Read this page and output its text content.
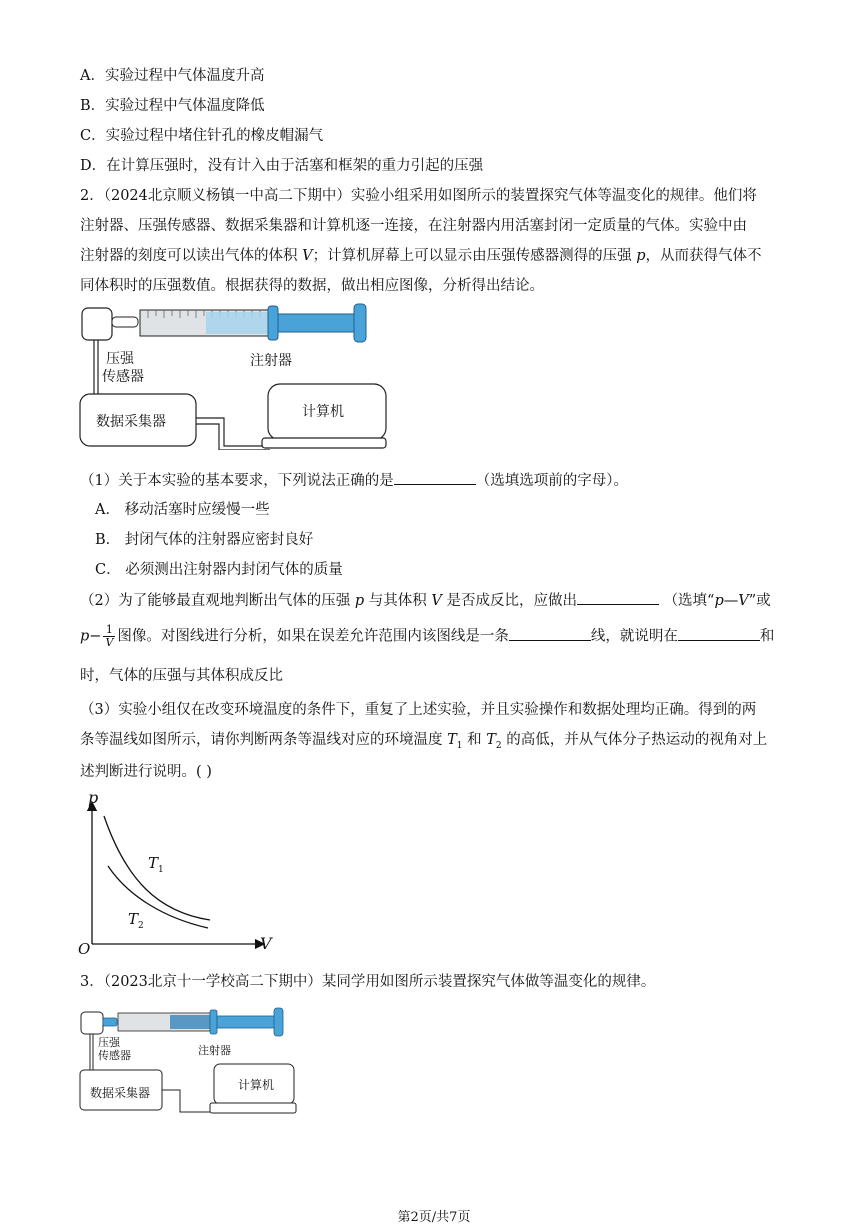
A．实验过程中气体温度升高
B．实验过程中气体温度降低
C．实验过程中堵住针孔的橡皮帽漏气
D．在计算压强时，没有计入由于活塞和框架的重力引起的压强
2．（2024北京顺义杨镇一中高二下期中）实验小组采用如图所示的装置探究气体等温变化的规律。他们将
注射器、压强传感器、数据采集器和计算机逐一连接，在注射器内用活塞封闭一定质量的气体。实验中由
注射器的刻度可以读出气体的体积 V；计算机屏幕上可以显示由压强传感器测得的压强 p，从而获得气体不
同体积时的压强数值。根据获得的数据，做出相应图像，分析得出结论。
压强
传感器
注射器
数据采集器
计算机
（1）关于本实验的基本要求，下列说法正确的是	（选填选项前的字母）。
A． 移动活塞时应缓慢一些
B． 封闭气体的注射器应密封良好
C． 必须测出注射器内封闭气体的质量
（2）为了能够最直观地判断出气体的压强 p 与其体积 V 是否成反比，应做出	（选填“p—V”或
$p- \frac{1}{V}$ 图像。对图线进行分析，如果在误差允许范围内该图线是一条	线，就说明在	和
时，气体的压强与其体积成反比
（3）实验小组仅在改变环境温度的条件下，重复了上述实验，并且实验操作和数据处理均正确。得到的两
条等温线如图所示，请你判断两条等温线对应的环境温度 $T_1$ 和 $T_2$ 的高低，并从气体分子热运动的视角对上
述判断进行说明。( )
p
V
O
$T_1$
$T_2$
3．（2023北京十一学校高二下期中）某同学用如图所示装置探究气体做等温变化的规律。
压强
传感器	注射器
数据采集器
计算机
第2页/共7页
